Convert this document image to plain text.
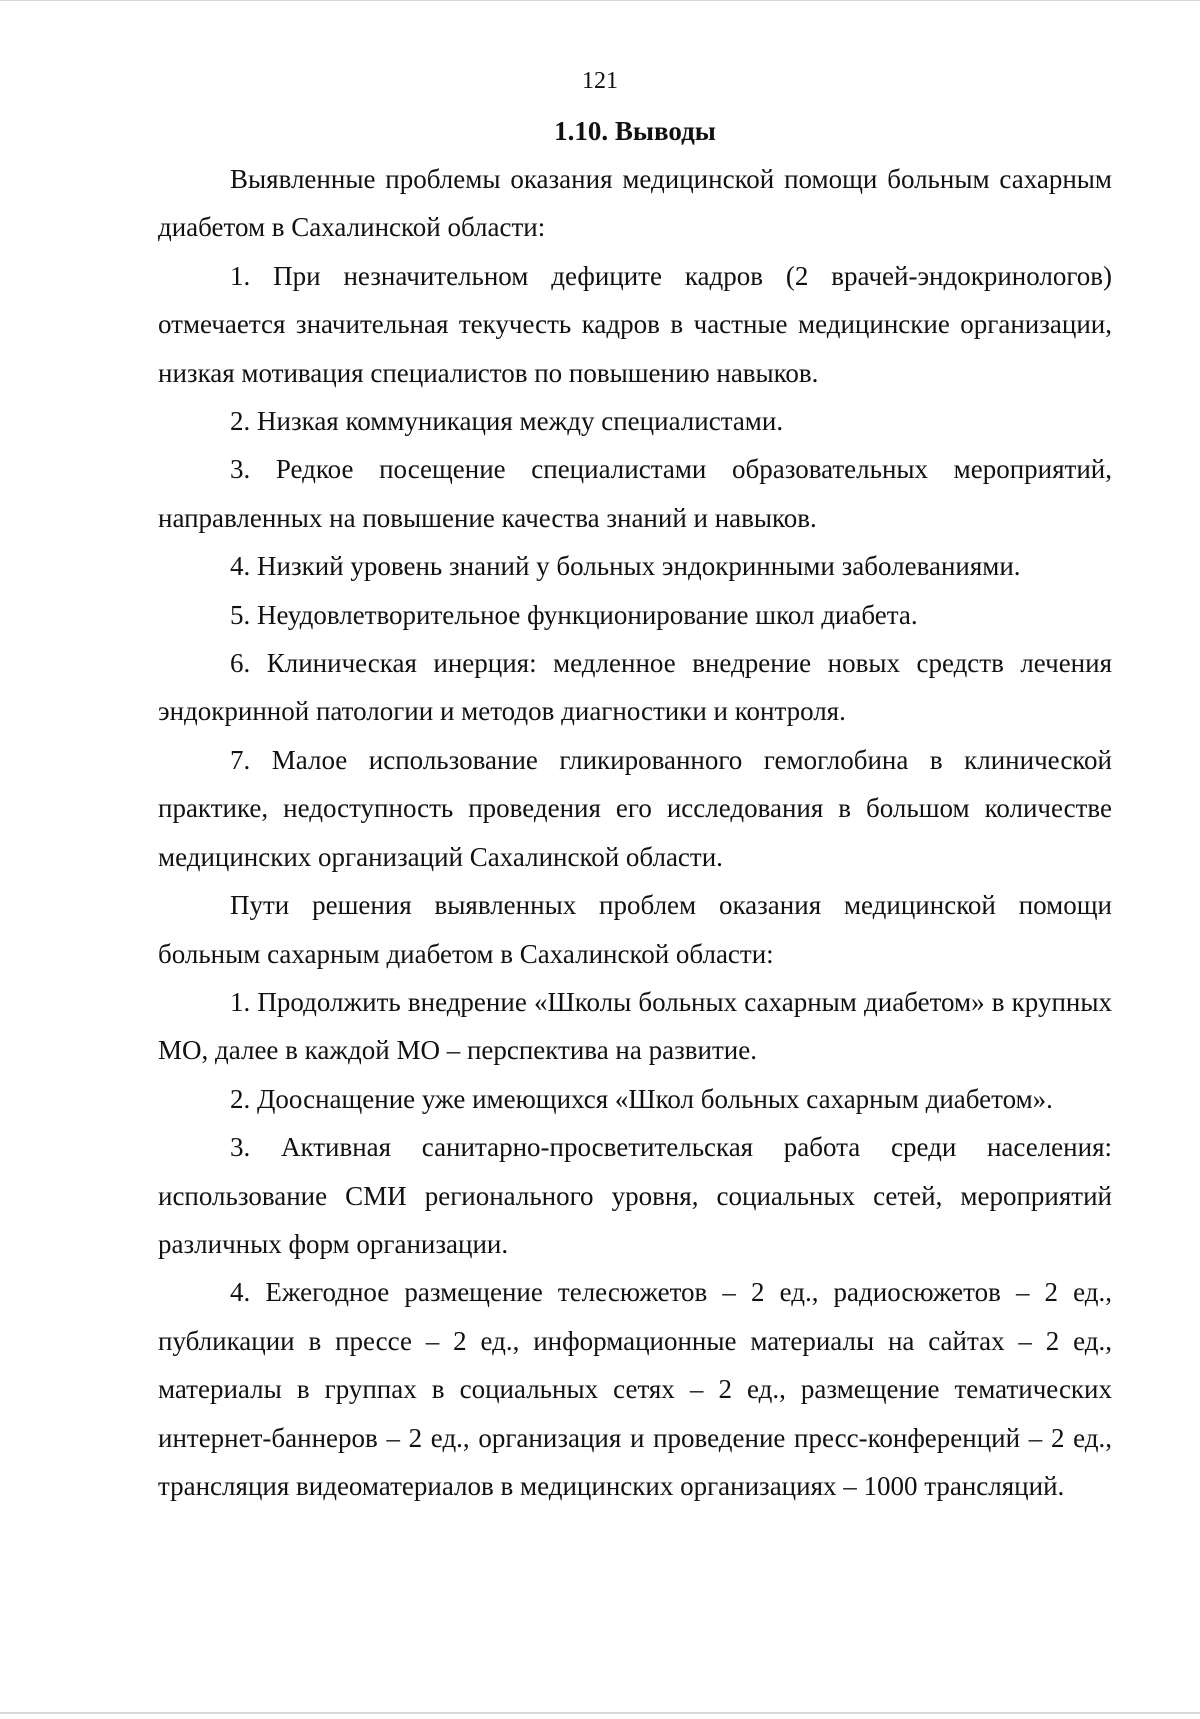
121
1.10. Выводы

Выявленные проблемы оказания медицинской помощи больным сахарным диабетом в Сахалинской области:

1. При незначительном дефиците кадров (2 врачей-эндокринологов) отмечается значительная текучесть кадров в частные медицинские организации, низкая мотивация специалистов по повышению навыков.

2. Низкая коммуникация между специалистами.

3. Редкое посещение специалистами образовательных мероприятий, направленных на повышение качества знаний и навыков.

4. Низкий уровень знаний у больных эндокринными заболеваниями.

5. Неудовлетворительное функционирование школ диабета.

6. Клиническая инерция: медленное внедрение новых средств лечения эндокринной патологии и методов диагностики и контроля.

7. Малое использование гликированного гемоглобина в клинической практике, недоступность проведения его исследования в большом количестве медицинских организаций Сахалинской области.

Пути решения выявленных проблем оказания медицинской помощи больным сахарным диабетом в Сахалинской области:

1. Продолжить внедрение «Школы больных сахарным диабетом» в крупных МО, далее в каждой МО – перспектива на развитие.

2. Дооснащение уже имеющихся «Школ больных сахарным диабетом».

3. Активная санитарно-просветительская работа среди населения: использование СМИ регионального уровня, социальных сетей, мероприятий различных форм организации.

4. Ежегодное размещение телесюжетов – 2 ед., радиосюжетов – 2 ед., публикации в прессе – 2 ед., информационные материалы на сайтах – 2 ед., материалы в группах в социальных сетях – 2 ед., размещение тематических интернет-баннеров – 2 ед., организация и проведение пресс-конференций – 2 ед., трансляция видеоматериалов в медицинских организациях – 1000 трансляций.
